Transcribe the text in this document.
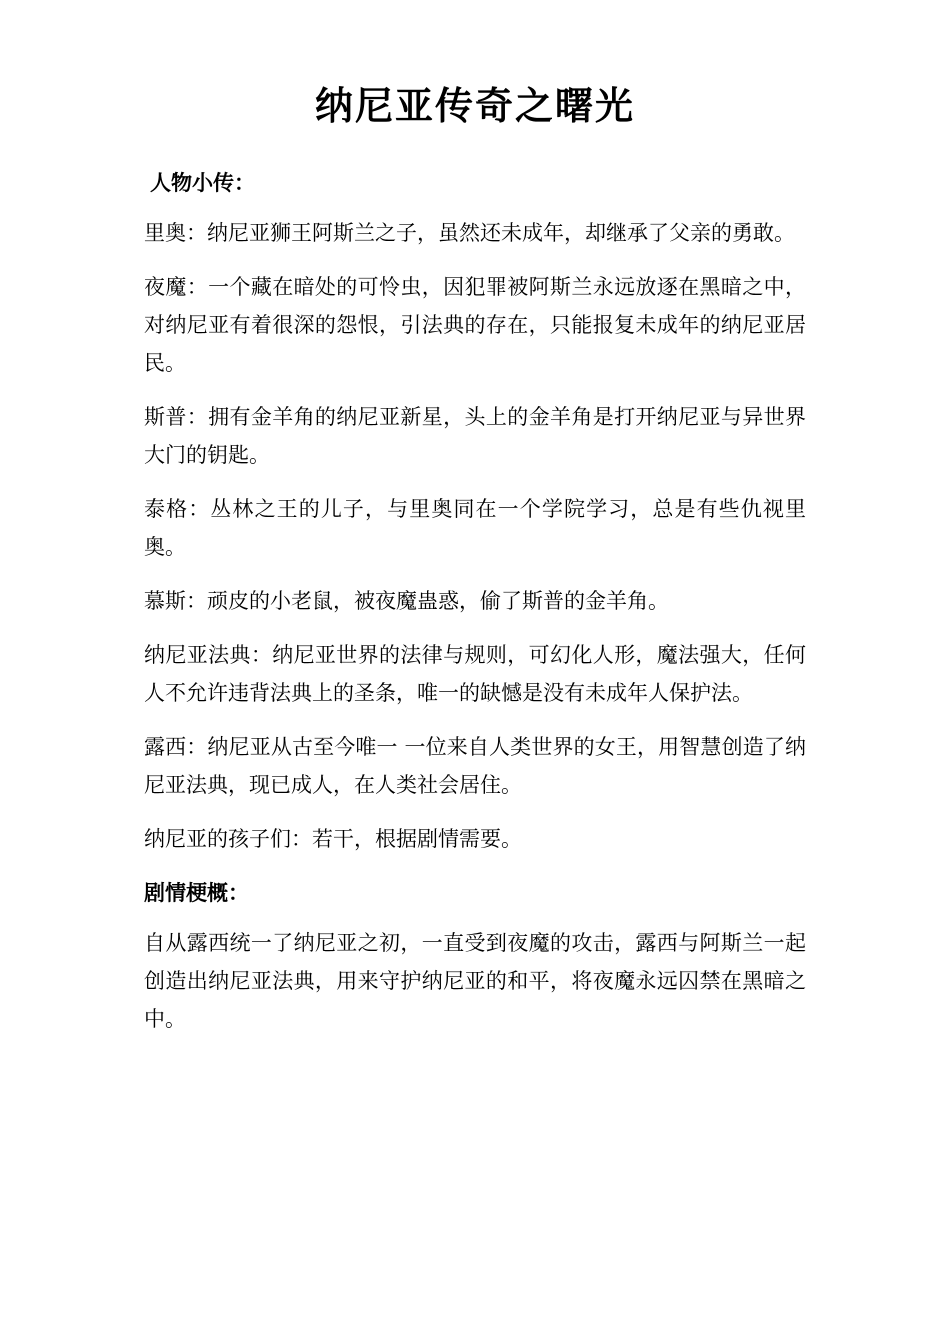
纳尼亚传奇之曙光
人物小传：

里奥：纳尼亚狮王阿斯兰之子，虽然还未成年，却继承了父亲的勇敢。

夜魔：一个藏在暗处的可怜虫，因犯罪被阿斯兰永远放逐在黑暗之中，对纳尼亚有着很深的怨恨，引法典的存在，只能报复未成年的纳尼亚居民。

斯普：拥有金羊角的纳尼亚新星，头上的金羊角是打开纳尼亚与异世界大门的钥匙。

泰格：丛林之王的儿子，与里奥同在一个学院学习，总是有些仇视里奥。

慕斯：顽皮的小老鼠，被夜魔蛊惑，偷了斯普的金羊角。

纳尼亚法典：纳尼亚世界的法律与规则，可幻化人形，魔法强大，任何人不允许违背法典上的圣条，唯一的缺憾是没有未成年人保护法。

露西：纳尼亚从古至今唯一 一位来自人类世界的女王，用智慧创造了纳尼亚法典，现已成人，在人类社会居住。

纳尼亚的孩子们：若干，根据剧情需要。

剧情梗概：

自从露西统一了纳尼亚之初，一直受到夜魔的攻击，露西与阿斯兰一起创造出纳尼亚法典，用来守护纳尼亚的和平，将夜魔永远囚禁在黑暗之中。
